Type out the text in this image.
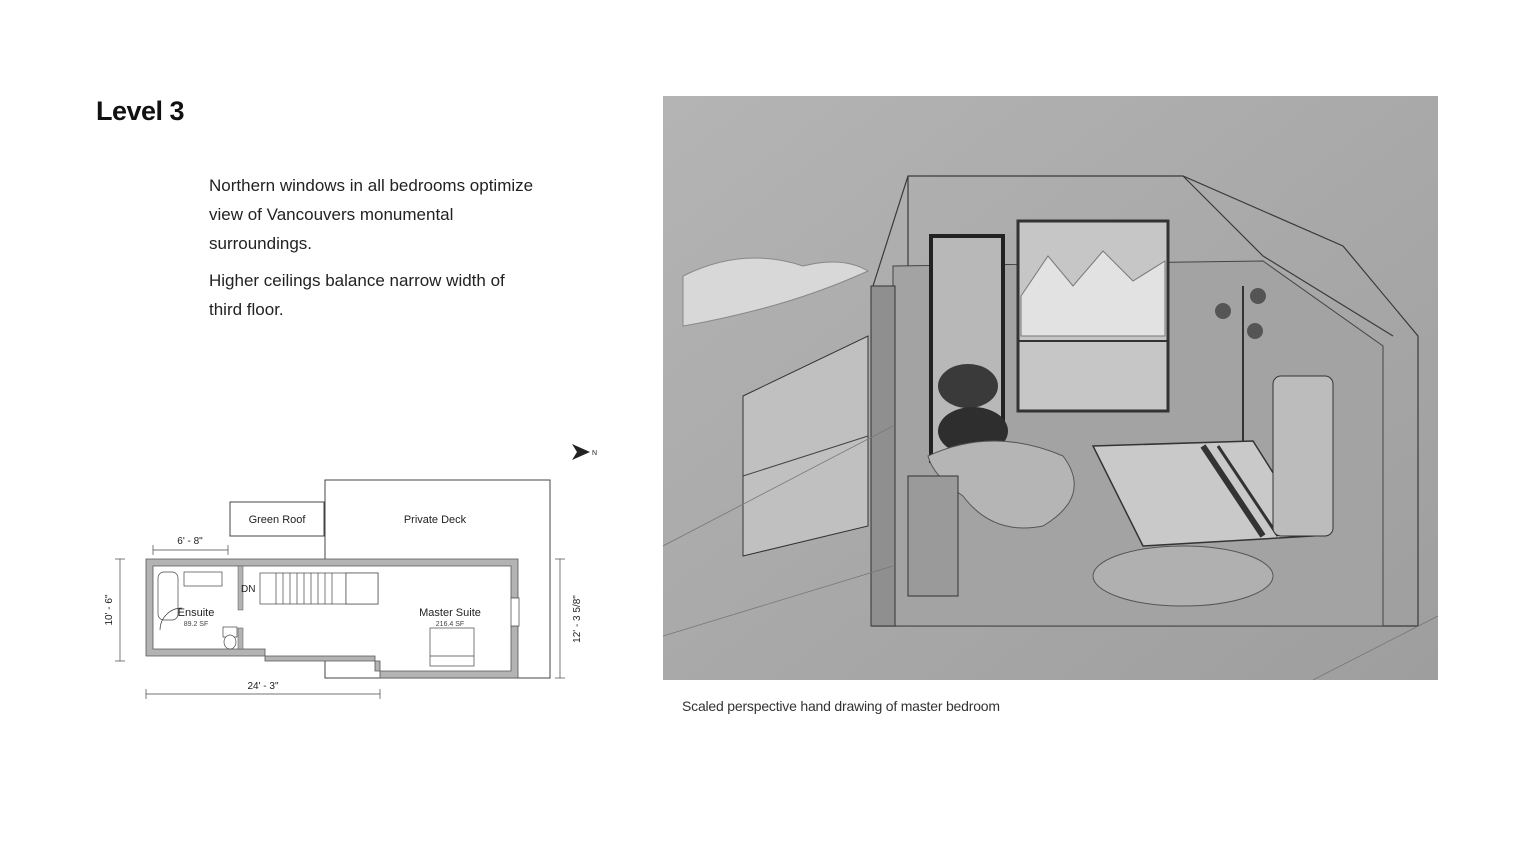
Level 3

Northern windows in all bedrooms optimize view of Vancouvers monumental surroundings.

Higher ceilings balance narrow width of third floor.

N
Green Roof	Private Deck
DN
Ensuite
89.2 SF
Master Suite
216.4 SF
6' - 8"
24' - 3"
10' - 6"	12' - 3 5/8"

Scaled perspective hand drawing of master bedroom
